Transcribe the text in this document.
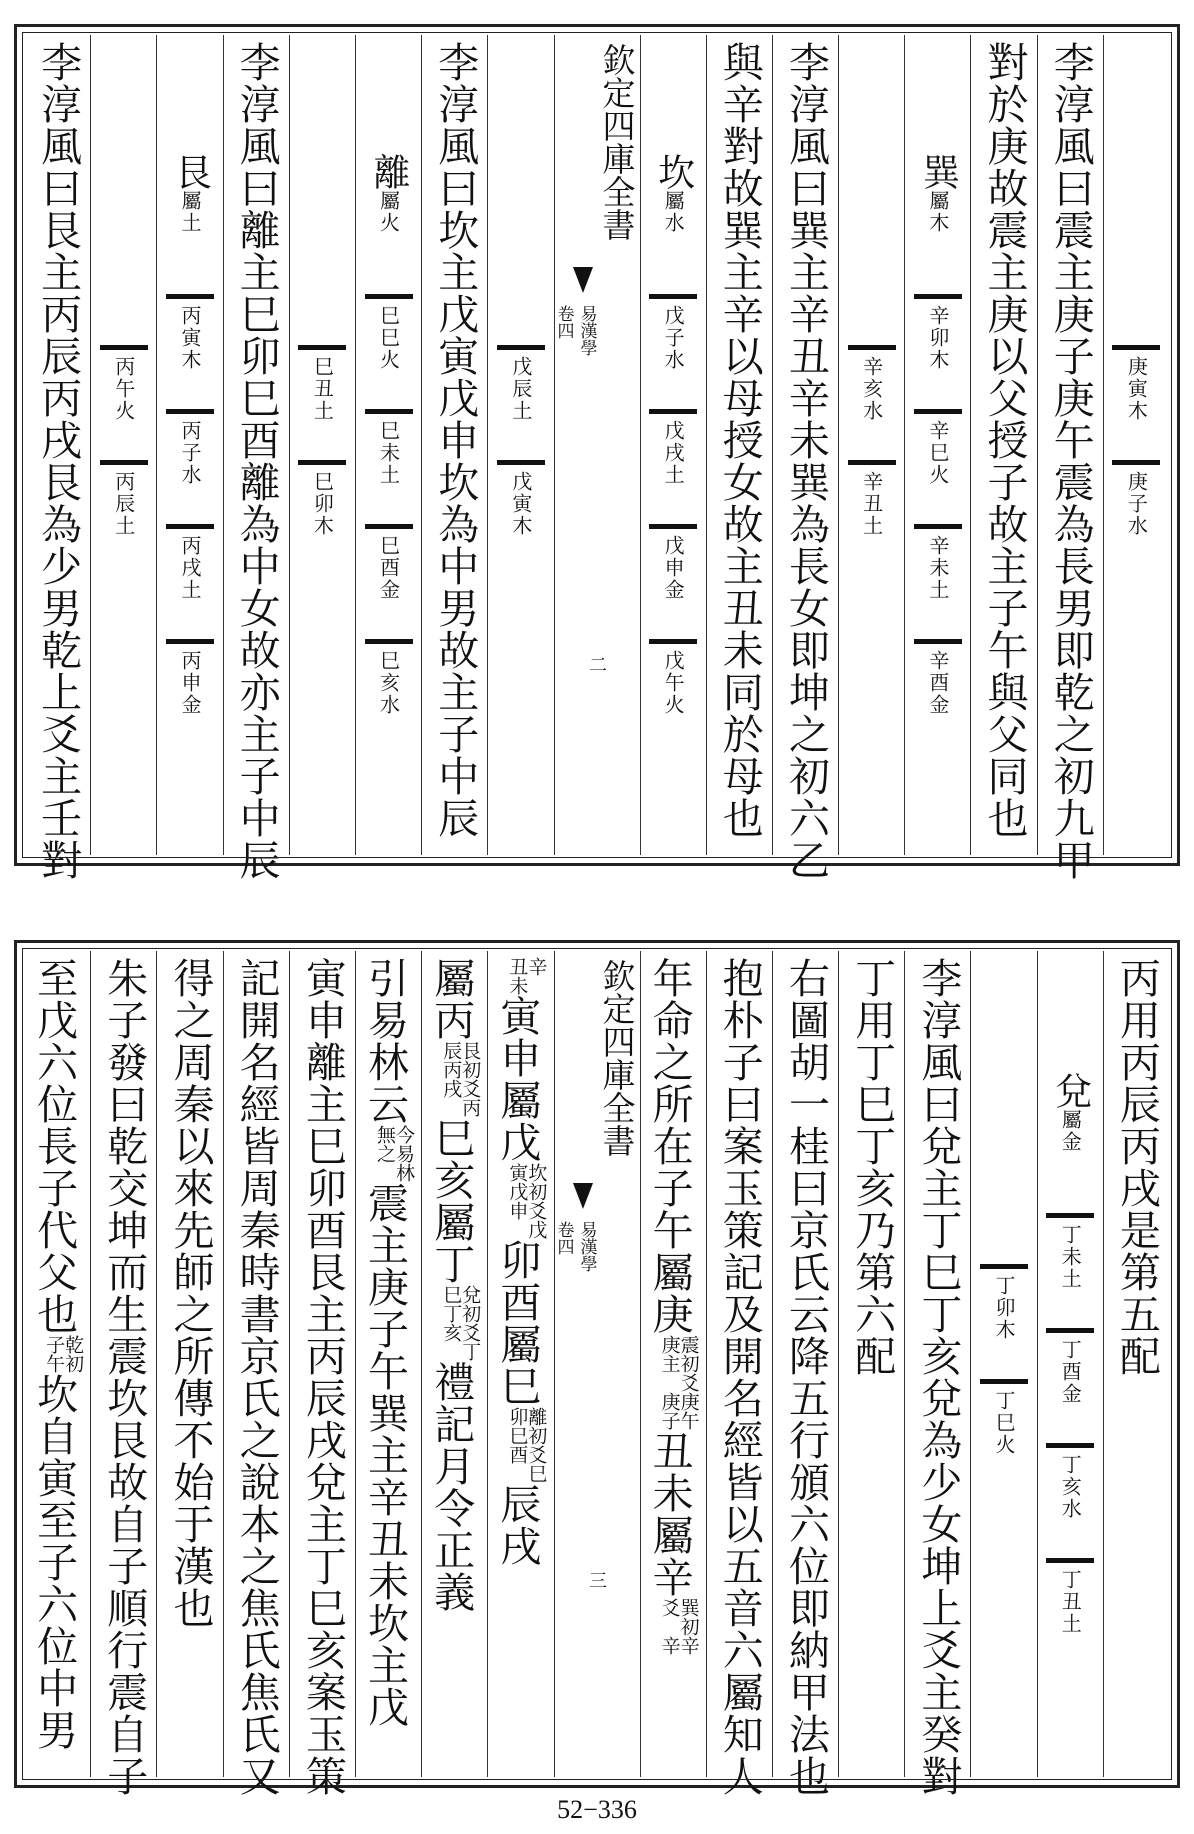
庚寅木
庚子水
李淳風曰震主庚子庚午震為長男即乾之初九甲
對於庚故震主庚以父授子故主子午與父同也
巽
屬木
辛卯木
辛巳火
辛未土
辛酉金
辛亥水
辛丑土
李淳風曰巽主辛丑辛未巽為長女即坤之初六乙
與辛對故巽主辛以母授女故主丑未同於母也
坎
屬水
戊子水
戊戌土
戊申金
戊午火
欽定四庫全書
易漢學
卷四
二
戊辰土
戊寅木
李淳風曰坎主戊寅戊申坎為中男故主子中辰
離
屬火
巳巳火
巳未土
巳酉金
巳亥水
巳丑土
巳卯木
李淳風曰離主巳卯巳酉離為中女故亦主子中辰
艮
屬土
丙寅木
丙子水
丙戌土
丙申金
丙午火
丙辰土
李淳風曰艮主丙辰丙戌艮為少男乾上爻主壬對
丙用丙辰丙戌是第五配
兌
屬金
丁未土
丁酉金
丁亥水
丁丑土
丁卯木
丁巳火
李淳風曰兌主丁巳丁亥兌為少女坤上爻主癸對
丁用丁巳丁亥乃第六配
右圖胡一桂曰京氏云降五行頒六位即納甲法也
抱朴子曰案玉策記及開名經皆以五音六屬知人
年命之所在子午屬庚
震初爻
庚主
庚午
庚子
丑未屬辛
巽初
爻
辛
辛
欽定四庫全書
易漢學
卷四
三
辛
丑
未
寅申屬戊
坎初爻戊
寅戊申
卯酉屬巳
離初爻巳
卯巳酉
辰戌
屬丙
艮初爻丙
辰丙戌
巳亥屬丁
兌初爻丁
巳丁亥
禮記月令正義
引易林云
今易林
無之
震主庚子午巽主辛丑未坎主戊
寅申離主巳卯酉艮主丙辰戌兌主丁巳亥案玉策
記開名經皆周秦時書京氏之說本之焦氏焦氏又
得之周秦以來先師之所傳不始于漢也
朱子發曰乾交坤而生震坎艮故自子順行震自子
至戊六位長子代父也
乾初
子午
坎自寅至子六位中男
52−336
